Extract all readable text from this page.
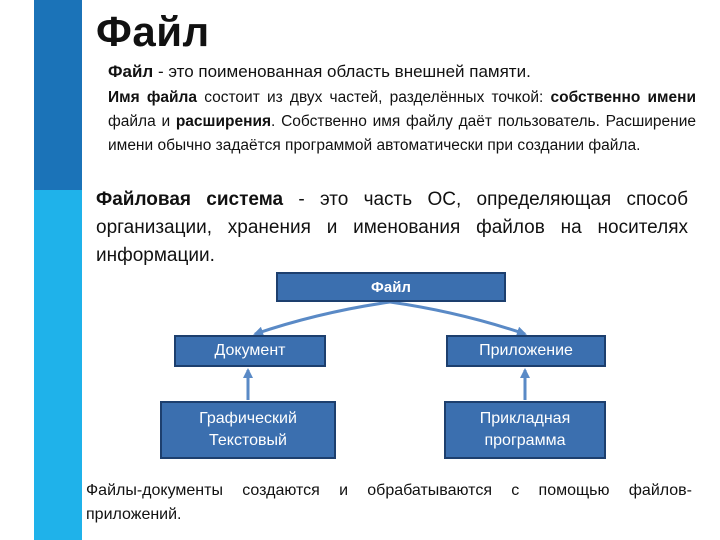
Файл

Файл - это поименованная область внешней памяти.

Имя файла состоит из двух частей, разделённых точкой: собственно имени файла и расширения. Собственно имя файлу даёт пользователь. Расширение имени обычно задаётся программой автоматически при создании файла.

Файловая система - это часть ОС, определяющая способ организации, хранения и именования файлов на носителях информации.

Файл
Документ	Приложение
Графический
Текстовый
Прикладная
программа

Файлы-документы создаются и обрабатываются с помощью файлов-приложений.
